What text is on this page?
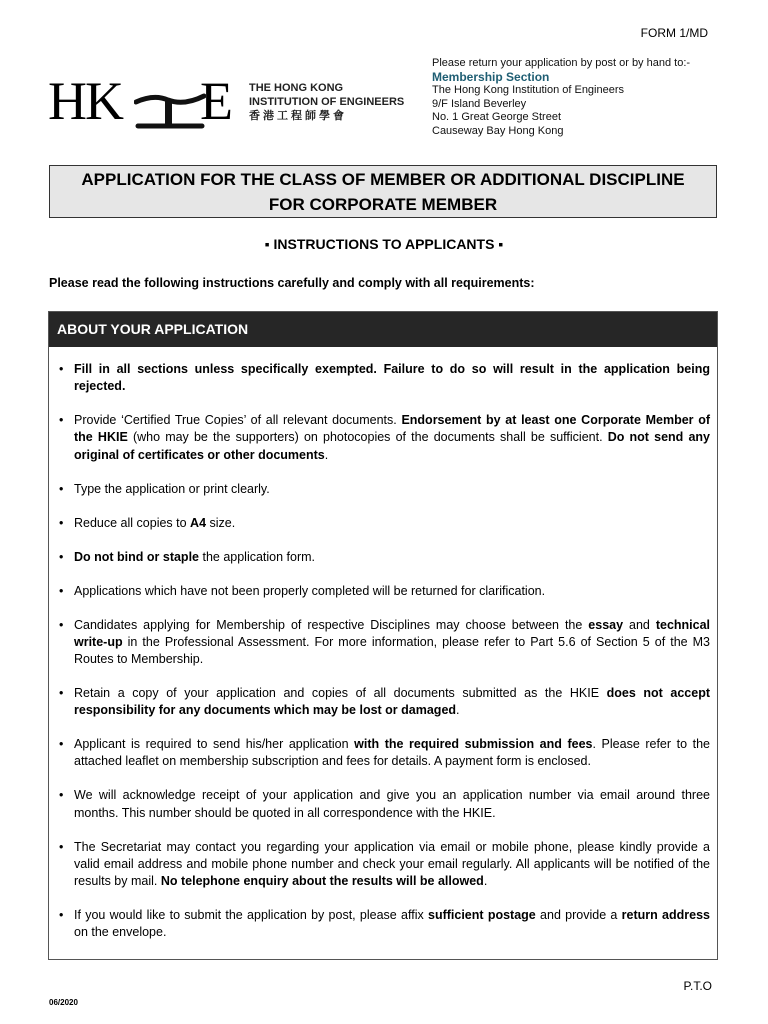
FORM 1/MD
HK E THE HONG KONG
INSTITUTION OF ENGINEERS
香港工程師學會
Please return your application by post or by hand to:-
Membership Section
The Hong Kong Institution of Engineers
9/F Island Beverley
No. 1 Great George Street
Causeway Bay Hong Kong
APPLICATION FOR THE CLASS OF MEMBER OR ADDITIONAL DISCIPLINE
FOR CORPORATE MEMBER
▪ INSTRUCTIONS TO APPLICANTS ▪
Please read the following instructions carefully and comply with all requirements:
ABOUT YOUR APPLICATION
• Fill in all sections unless specifically exempted. Failure to do so will result in the application being rejected.
• Provide ‘Certified True Copies’ of all relevant documents. Endorsement by at least one Corporate Member of the HKIE (who may be the supporters) on photocopies of the documents shall be sufficient. Do not send any original of certificates or other documents.
• Type the application or print clearly.
• Reduce all copies to A4 size.
• Do not bind or staple the application form.
• Applications which have not been properly completed will be returned for clarification.
• Candidates applying for Membership of respective Disciplines may choose between the essay and technical write-up in the Professional Assessment. For more information, please refer to Part 5.6 of Section 5 of the M3 Routes to Membership.
• Retain a copy of your application and copies of all documents submitted as the HKIE does not accept responsibility for any documents which may be lost or damaged.
• Applicant is required to send his/her application with the required submission and fees. Please refer to the attached leaflet on membership subscription and fees for details. A payment form is enclosed.
• We will acknowledge receipt of your application and give you an application number via email around three months. This number should be quoted in all correspondence with the HKIE.
• The Secretariat may contact you regarding your application via email or mobile phone, please kindly provide a valid email address and mobile phone number and check your email regularly. All applicants will be notified of the results by mail. No telephone enquiry about the results will be allowed.
• If you would like to submit the application by post, please affix sufficient postage and provide a return address on the envelope.
P.T.O
06/2020
